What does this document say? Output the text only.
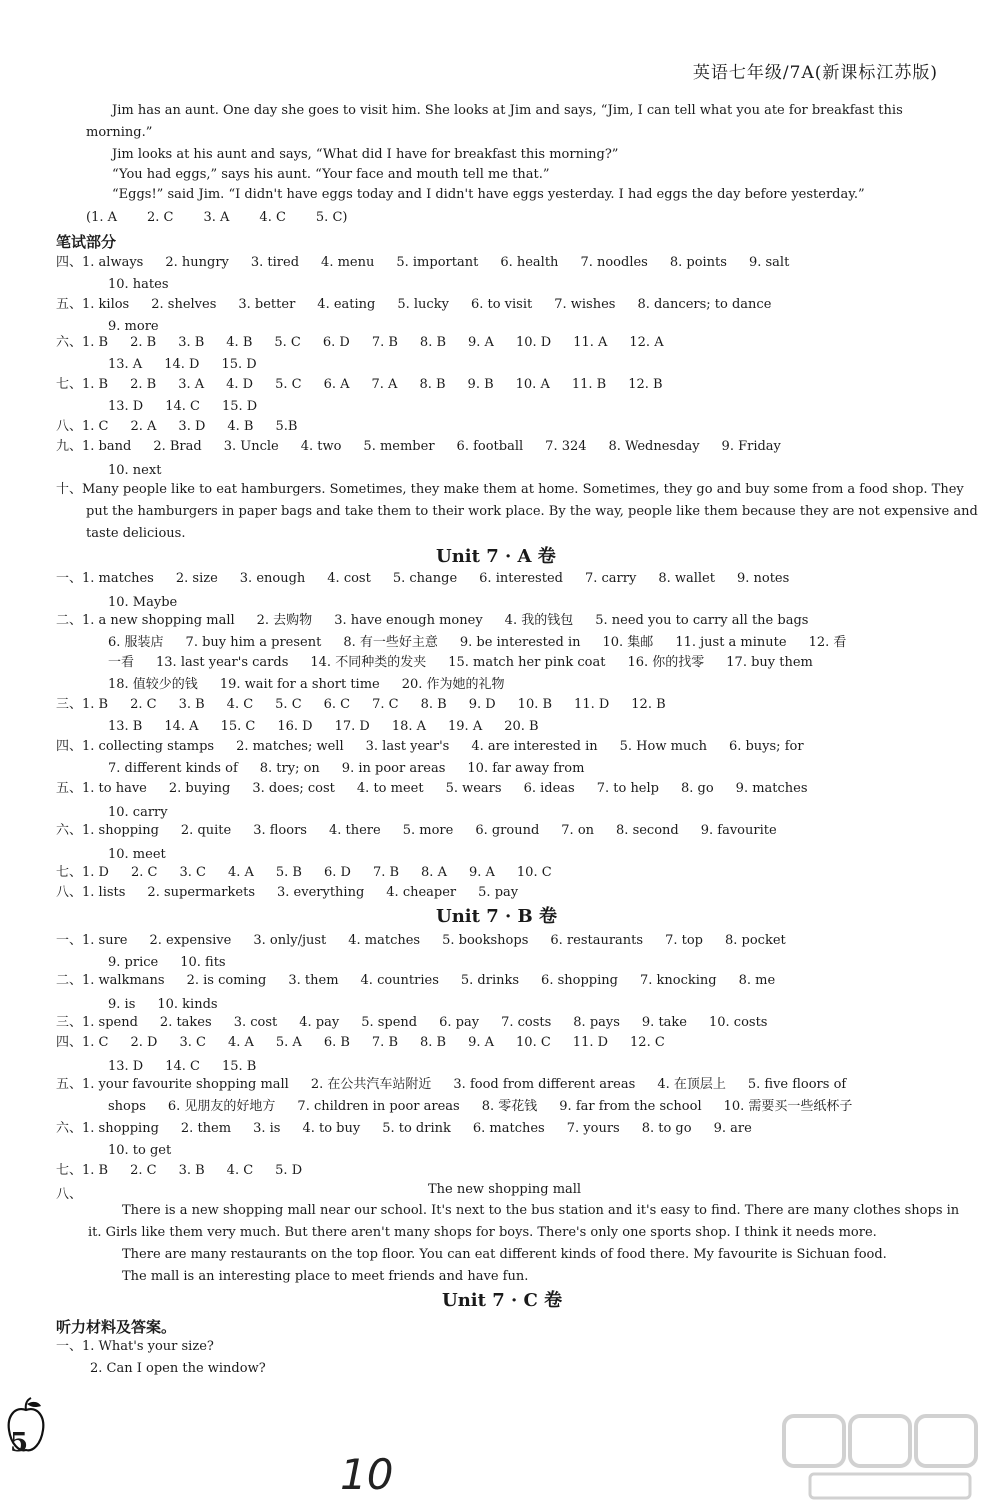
英语七年级/7A(新课标江苏版)
Jim has an aunt. One day she goes to visit him. She looks at Jim and says, “Jim, I can tell what you ate for breakfast this
morning.”
Jim looks at his aunt and says, “What did I have for breakfast this morning?”
“You had eggs,” says his aunt. “Your face and mouth tell me that.”
“Eggs!” said Jim. “I didn't have eggs today and I didn't have eggs yesterday. I had eggs the day before yesterday.”
(1. A 2. C 3. A 4. C 5. C)
笔试部分
四、1. always 2. hungry 3. tired 4. menu 5. important 6. health 7. noodles 8. points 9. salt
10. hates
五、1. kilos 2. shelves 3. better 4. eating 5. lucky 6. to visit 7. wishes 8. dancers; to dance
9. more
六、1. B 2. B 3. B 4. B 5. C 6. D 7. B 8. B 9. A 10. D 11. A 12. A
13. A 14. D 15. D
七、1. B 2. B 3. A 4. D 5. C 6. A 7. A 8. B 9. B 10. A 11. B 12. B
13. D 14. C 15. D
八、1. C 2. A 3. D 4. B 5.B
九、1. band 2. Brad 3. Uncle 4. two 5. member 6. football 7. 324 8. Wednesday 9. Friday
10. next
十、Many people like to eat hamburgers. Sometimes, they make them at home. Sometimes, they go and buy some from a food shop. They
put the hamburgers in paper bags and take them to their work place. By the way, people like them because they are not expensive and
taste delicious.
Unit 7 · A 卷
一、1. matches 2. size 3. enough 4. cost 5. change 6. interested 7. carry 8. wallet 9. notes
10. Maybe
二、1. a new shopping mall 2. 去购物 3. have enough money 4. 我的钱包 5. need you to carry all the bags
6. 服装店 7. buy him a present 8. 有一些好主意 9. be interested in 10. 集邮 11. just a minute 12. 看
一看 13. last year's cards 14. 不同种类的发夹 15. match her pink coat 16. 你的找零 17. buy them
18. 值较少的钱 19. wait for a short time 20. 作为她的礼物
三、1. B 2. C 3. B 4. C 5. C 6. C 7. C 8. B 9. D 10. B 11. D 12. B
13. B 14. A 15. C 16. D 17. D 18. A 19. A 20. B
四、1. collecting stamps 2. matches; well 3. last year's 4. are interested in 5. How much 6. buys; for
7. different kinds of 8. try; on 9. in poor areas 10. far away from
五、1. to have 2. buying 3. does; cost 4. to meet 5. wears 6. ideas 7. to help 8. go 9. matches
10. carry
六、1. shopping 2. quite 3. floors 4. there 5. more 6. ground 7. on 8. second 9. favourite
10. meet
七、1. D 2. C 3. C 4. A 5. B 6. D 7. B 8. A 9. A 10. C
八、1. lists 2. supermarkets 3. everything 4. cheaper 5. pay
Unit 7 · B 卷
一、1. sure 2. expensive 3. only/just 4. matches 5. bookshops 6. restaurants 7. top 8. pocket
9. price 10. fits
二、1. walkmans 2. is coming 3. them 4. countries 5. drinks 6. shopping 7. knocking 8. me
9. is 10. kinds
三、1. spend 2. takes 3. cost 4. pay 5. spend 6. pay 7. costs 8. pays 9. take 10. costs
四、1. C 2. D 3. C 4. A 5. A 6. B 7. B 8. B 9. A 10. C 11. D 12. C
13. D 14. C 15. B
五、1. your favourite shopping mall 2. 在公共汽车站附近 3. food from different areas 4. 在顶层上 5. five floors of
shops 6. 见朋友的好地方 7. children in poor areas 8. 零花钱 9. far from the school 10. 需要买一些纸杯子
六、1. shopping 2. them 3. is 4. to buy 5. to drink 6. matches 7. yours 8. to go 9. are
10. to get
七、1. B 2. C 3. B 4. C 5. D
八、	The new shopping mall
There is a new shopping mall near our school. It's next to the bus station and it's easy to find. There are many clothes shops in
it. Girls like them very much. But there aren't many shops for boys. There's only one sports shop. I think it needs more.
There are many restaurants on the top floor. You can eat different kinds of food there. My favourite is Sichuan food.
The mall is an interesting place to meet friends and have fun.
Unit 7 · C 卷
听力材料及答案。
一、1. What's your size?
2. Can I open the window?
5
10
